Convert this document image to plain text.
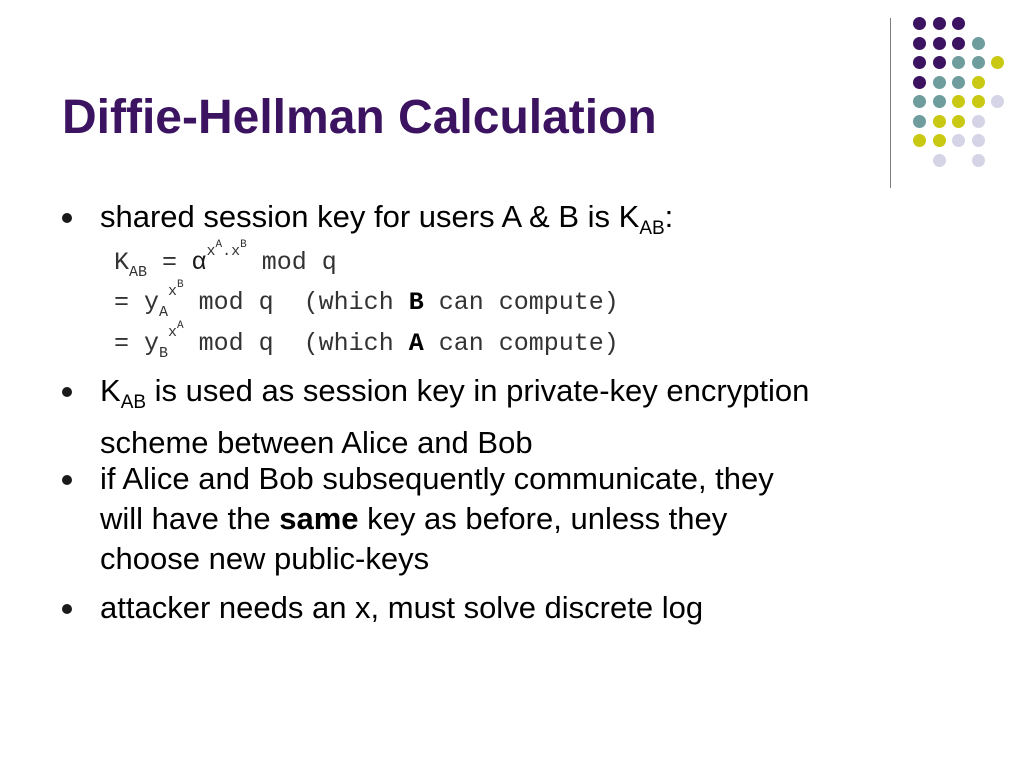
Diffie-Hellman Calculation
shared session key for users A & B is $K_{AB}$:
$K_{AB} = \alpha^{x^A.x^B}$ mod q
= $y_A^{x^B}$ mod q  (which B can compute)
= $y_B^{x^A}$ mod q  (which A can compute)
$K_{AB}$ is used as session key in private-key encryption
scheme between Alice and Bob
if Alice and Bob subsequently communicate, they
will have the same key as before, unless they
choose new public-keys
attacker needs an x, must solve discrete log
